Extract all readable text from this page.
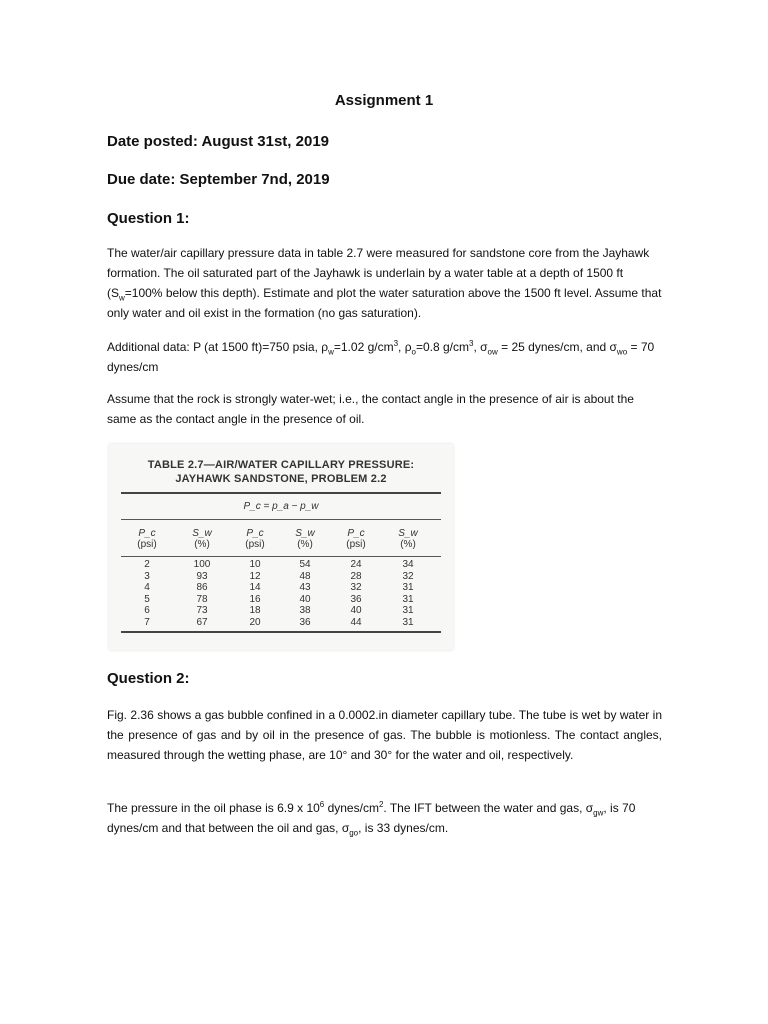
Assignment 1
Date posted: August 31st, 2019
Due date: September 7nd, 2019
Question 1:
The water/air capillary pressure data in table 2.7 were measured for sandstone core from the Jayhawk formation. The oil saturated part of the Jayhawk is underlain by a water table at a depth of 1500 ft ($S_w=100\%$ below this depth). Estimate and plot the water saturation above the 1500 ft level. Assume that only water and oil exist in the formation (no gas saturation).
Additional data: P (at 1500 ft)=750 psia, $\rho_w=1.02$ $g/cm^3$, $\rho_o=0.8$ $g/cm^3$, $\sigma_{ow} = 25$ dynes/cm, and $\sigma_{wo} = 70$ dynes/cm
Assume that the rock is strongly water-wet; i.e., the contact angle in the presence of air is about the same as the contact angle in the presence of oil.
TABLE 2.7—AIR/WATER CAPILLARY PRESSURE:
JAYHAWK SANDSTONE, PROBLEM 2.2
P_c = p_a − p_w
P_c
(psi)
S_w
(%)
P_c
(psi)
S_w
(%)
P_c
(psi)
S_w
(%)
2
3
4
5
6
7
100
93
86
78
73
67
10
12
14
16
18
20
54
48
43
40
38
36
24
28
32
36
40
44
34
32
31
31
31
31
Question 2:
Fig. 2.36 shows a gas bubble confined in a 0.0002.in diameter capillary tube. The tube is wet by water in the presence of gas and by oil in the presence of gas. The bubble is motionless. The contact angles, measured through the wetting phase, are 10° and 30° for the water and oil, respectively.
The pressure in the oil phase is 6.9 x $10^6$ dynes/$cm^2$. The IFT between the water and gas, $\sigma_{gw}$, is 70 dynes/cm and that between the oil and gas, $\sigma_{go}$, is 33 dynes/cm.
